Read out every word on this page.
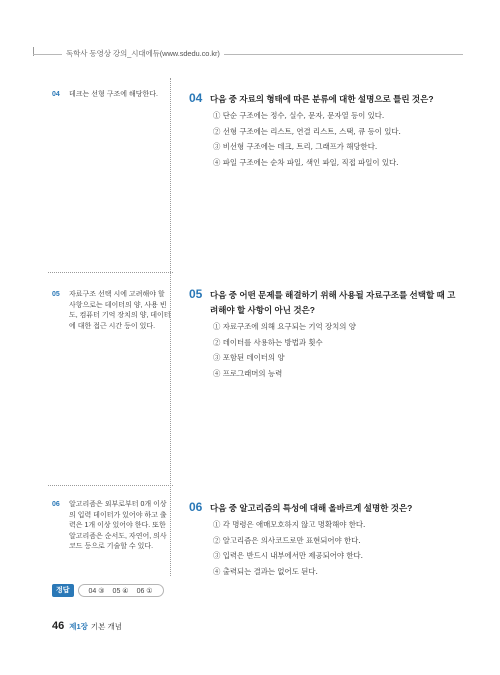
독학사 동영상 강의_시대에듀(www.sdedu.co.kr)
04	데크는 선형 구조에 해당한다.
05	자료구조 선택 시에 고려해야 할 사항으로는 데이터의 양, 사용 빈도, 컴퓨터 기억 장치의 양, 데이터에 대한 접근 시간 등이 있다.
06	알고리즘은 외부로부터 0개 이상의 입력 데이터가 있어야 하고 출력은 1개 이상 있어야 한다. 또한 알고리즘은 순서도, 자연어, 의사코드 등으로 기술할 수 있다.
04 다음 중 자료의 형태에 따른 분류에 대한 설명으로 틀린 것은?
① 단순 구조에는 정수, 실수, 문자, 문자열 등이 있다.
② 선형 구조에는 리스트, 연결 리스트, 스택, 큐 등이 있다.
③ 비선형 구조에는 데크, 트리, 그래프가 해당한다.
④ 파일 구조에는 순차 파일, 색인 파일, 직접 파일이 있다.
05 다음 중 어떤 문제를 해결하기 위해 사용될 자료구조를 선택할 때 고려해야 할 사항이 아닌 것은?
① 자료구조에 의해 요구되는 기억 장치의 양
② 데이터를 사용하는 방법과 횟수
③ 포함된 데이터의 양
④ 프로그래머의 능력
06 다음 중 알고리즘의 특성에 대해 올바르게 설명한 것은?
① 각 명령은 애매모호하지 않고 명확해야 한다.
② 알고리즘은 의사코드로만 표현되어야 한다.
③ 입력은 반드시 내부에서만 제공되어야 한다.
④ 출력되는 결과는 없어도 된다.
정답	04 ③ 05 ④ 06 ①
46 제1장 기본 개념
